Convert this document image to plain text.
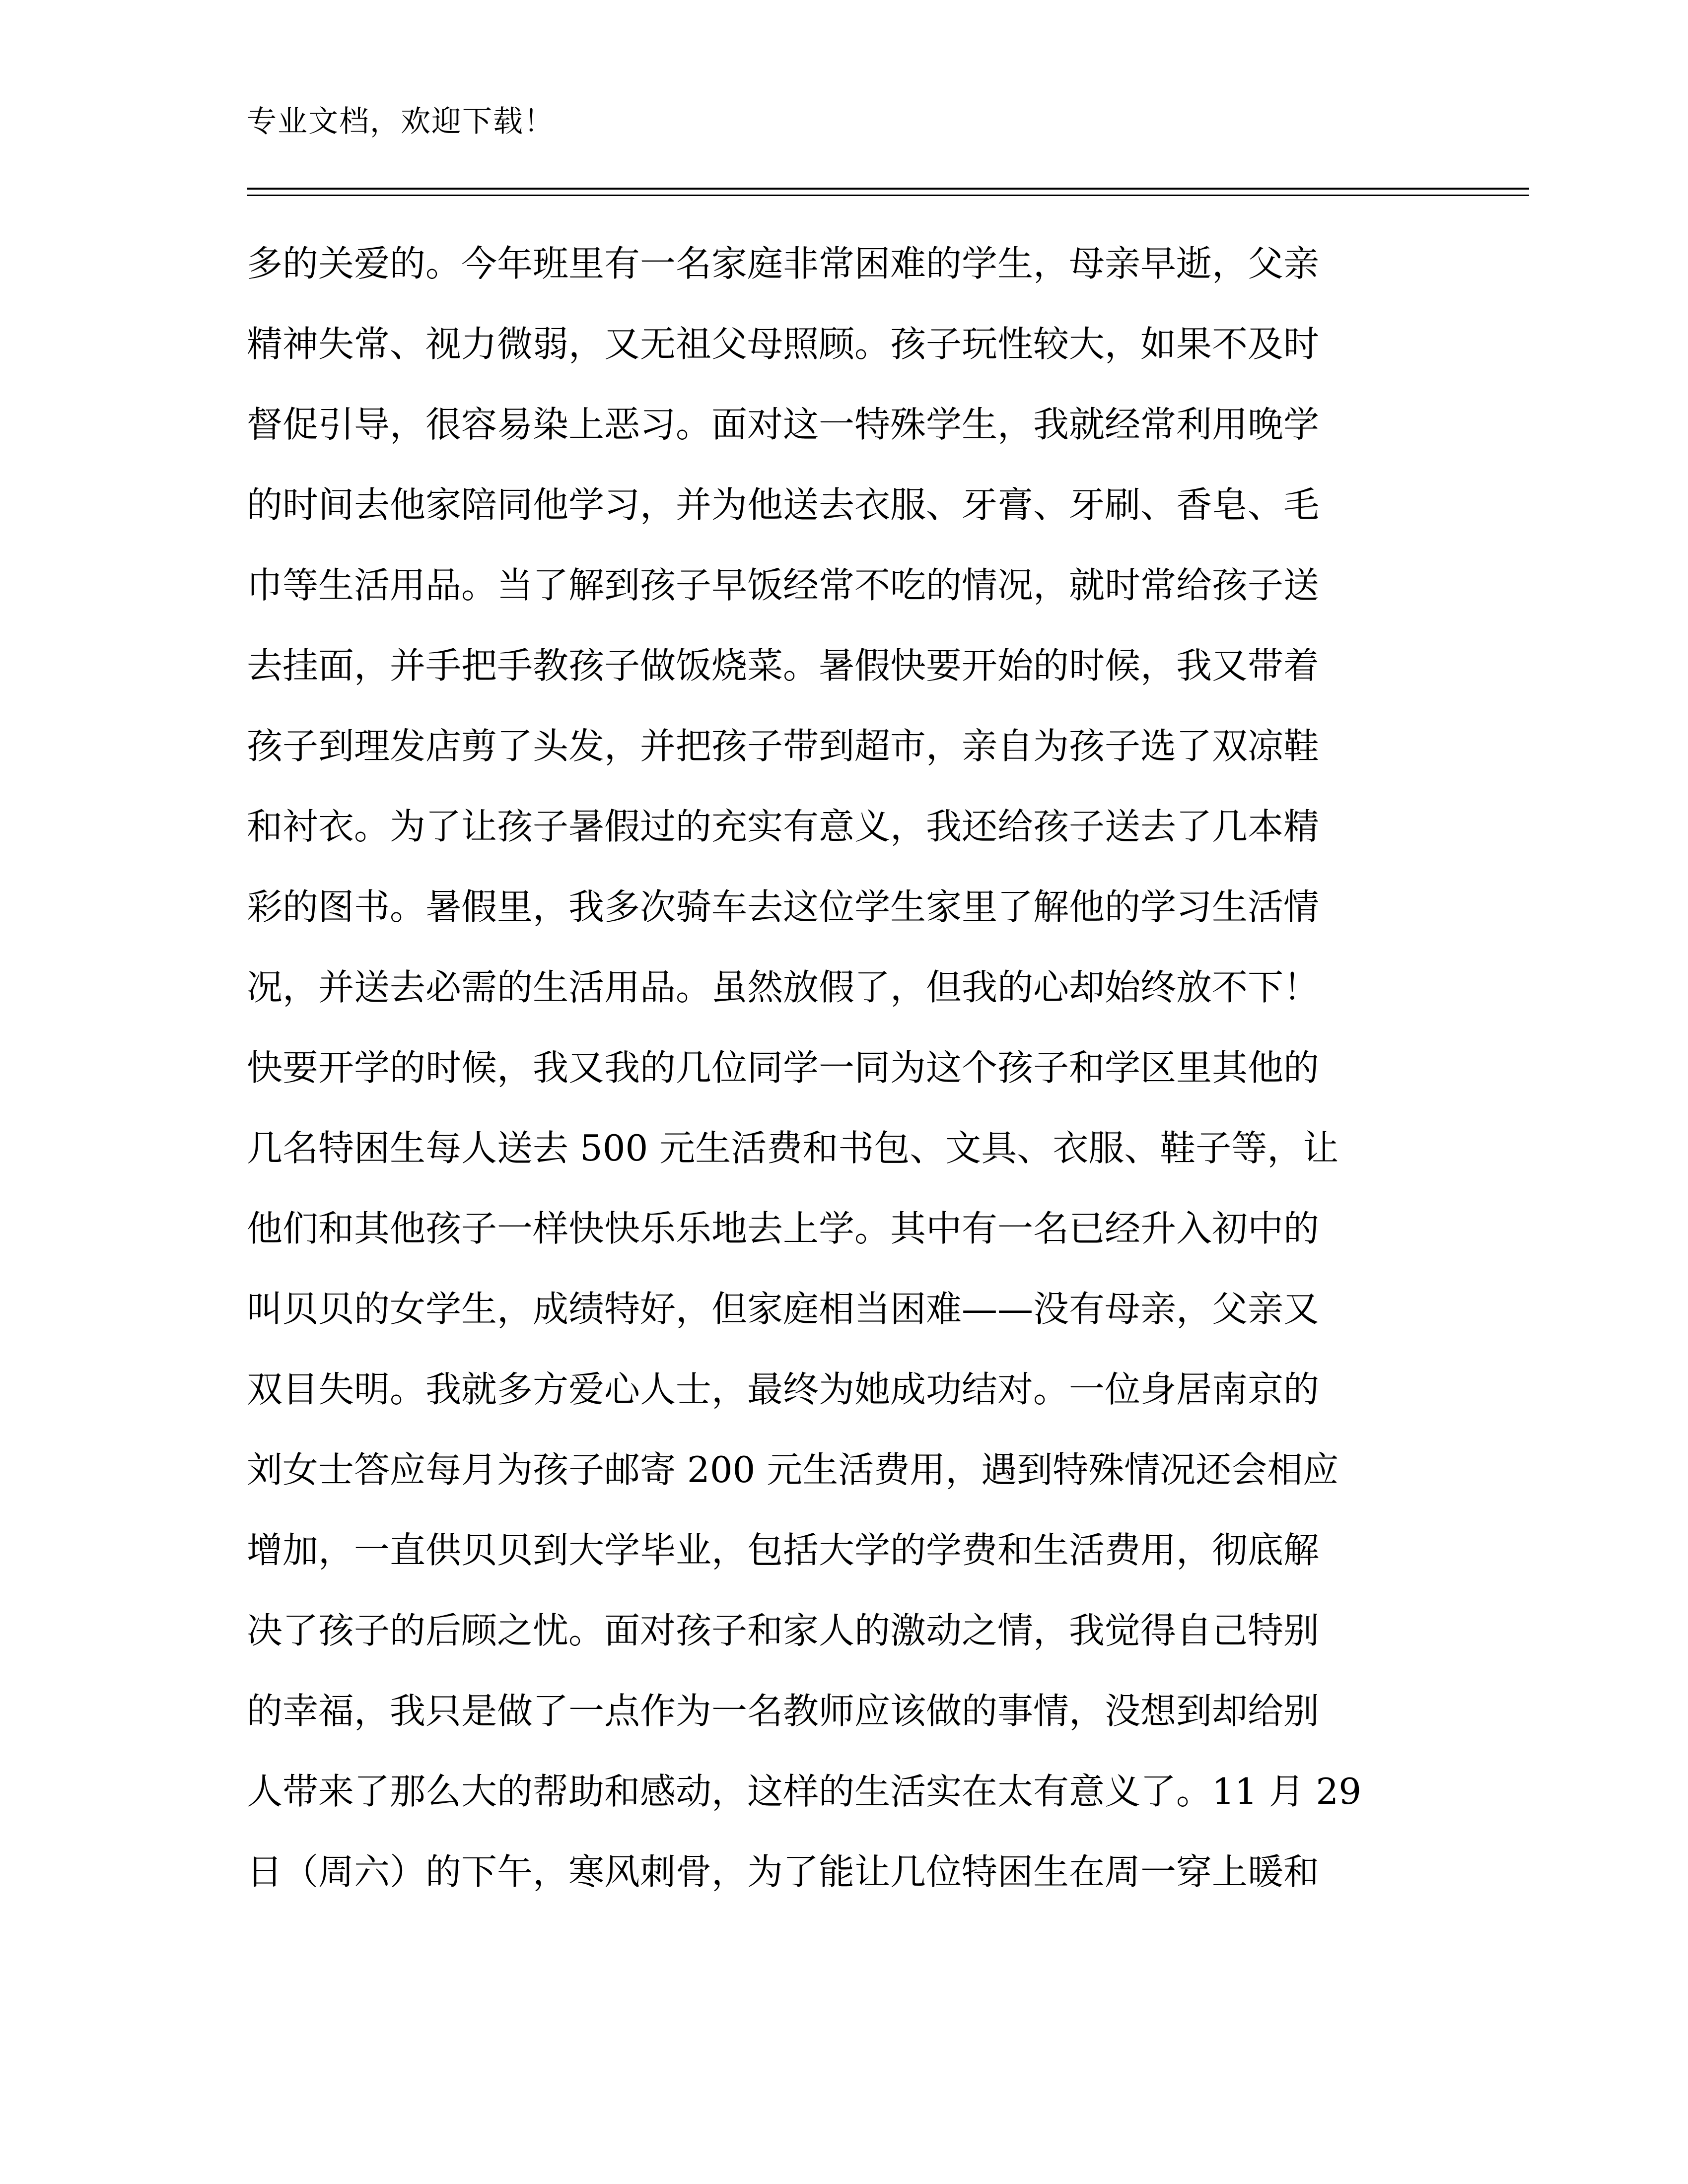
专业文档，欢迎下载！
多的关爱的。今年班里有一名家庭非常困难的学生，母亲早逝，父亲
精神失常、视力微弱，又无祖父母照顾。孩子玩性较大，如果不及时
督促引导，很容易染上恶习。面对这一特殊学生，我就经常利用晚学
的时间去他家陪同他学习，并为他送去衣服、牙膏、牙刷、香皂、毛
巾等生活用品。当了解到孩子早饭经常不吃的情况，就时常给孩子送
去挂面，并手把手教孩子做饭烧菜。暑假快要开始的时候，我又带着
孩子到理发店剪了头发，并把孩子带到超市，亲自为孩子选了双凉鞋
和衬衣。为了让孩子暑假过的充实有意义，我还给孩子送去了几本精
彩的图书。暑假里，我多次骑车去这位学生家里了解他的学习生活情
况，并送去必需的生活用品。虽然放假了，但我的心却始终放不下！
快要开学的时候，我又我的几位同学一同为这个孩子和学区里其他的
几名特困生每人送去 500 元生活费和书包、文具、衣服、鞋子等，让
他们和其他孩子一样快快乐乐地去上学。其中有一名已经升入初中的
叫贝贝的女学生，成绩特好，但家庭相当困难——没有母亲，父亲又
双目失明。我就多方爱心人士，最终为她成功结对。一位身居南京的
刘女士答应每月为孩子邮寄 200 元生活费用，遇到特殊情况还会相应
增加，一直供贝贝到大学毕业，包括大学的学费和生活费用，彻底解
决了孩子的后顾之忧。面对孩子和家人的激动之情，我觉得自己特别
的幸福，我只是做了一点作为一名教师应该做的事情，没想到却给别
人带来了那么大的帮助和感动，这样的生活实在太有意义了。11 月 29
日（周六）的下午，寒风刺骨，为了能让几位特困生在周一穿上暖和
